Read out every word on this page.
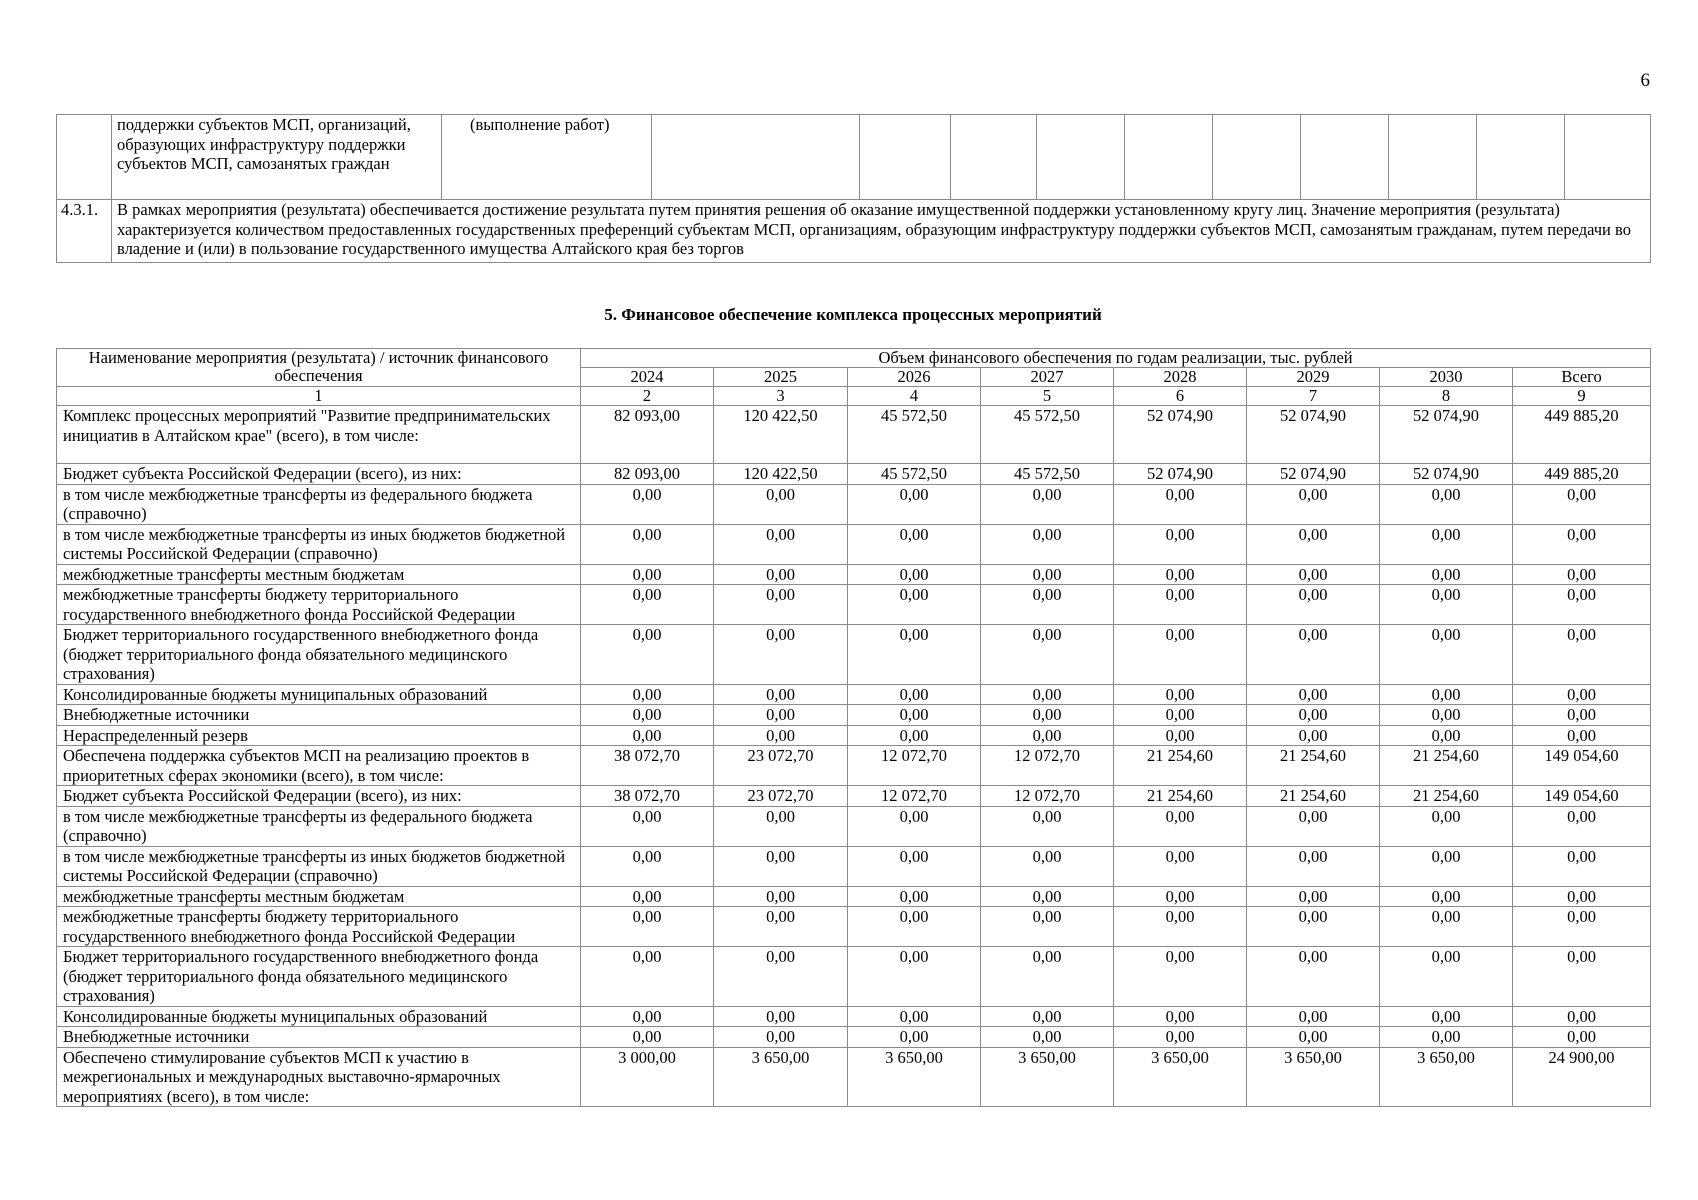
6
	поддержки субъектов МСП, организаций, образующих инфраструктуру поддержки субъектов МСП, самозанятых граждан	(выполнение работ)										
4.3.1.	В рамках мероприятия (результата) обеспечивается достижение результата путем принятия решения об оказание имущественной поддержки установленному кругу лиц. Значение мероприятия (результата) характеризуется количеством предоставленных государственных преференций субъектам МСП, организациям, образующим инфраструктуру поддержки субъектов МСП, самозанятым гражданам, путем передачи во владение и (или) в пользование государственного имущества Алтайского края без торгов											
5. Финансовое обеспечение комплекса процессных мероприятий
Наименование мероприятия (результата) / источник финансового обеспечения	Объем финансового обеспечения по годам реализации, тыс. рублей							
	2024	2025	2026	2027	2028	2029	2030	Всего
1	2	3	4	5	6	7	8	9
Комплекс процессных мероприятий "Развитие предпринимательских инициатив в Алтайском крае" (всего), в том числе:	82 093,00	120 422,50	45 572,50	45 572,50	52 074,90	52 074,90	52 074,90	449 885,20
Бюджет субъекта Российской Федерации (всего), из них:	82 093,00	120 422,50	45 572,50	45 572,50	52 074,90	52 074,90	52 074,90	449 885,20
в том числе межбюджетные трансферты из федерального бюджета (справочно)	0,00	0,00	0,00	0,00	0,00	0,00	0,00	0,00
в том числе межбюджетные трансферты из иных бюджетов бюджетной системы Российской Федерации (справочно)	0,00	0,00	0,00	0,00	0,00	0,00	0,00	0,00
межбюджетные трансферты местным бюджетам	0,00	0,00	0,00	0,00	0,00	0,00	0,00	0,00
межбюджетные трансферты бюджету территориального государственного внебюджетного фонда Российской Федерации	0,00	0,00	0,00	0,00	0,00	0,00	0,00	0,00
Бюджет территориального государственного внебюджетного фонда (бюджет территориального фонда обязательного медицинского страхования)	0,00	0,00	0,00	0,00	0,00	0,00	0,00	0,00
Консолидированные бюджеты муниципальных образований	0,00	0,00	0,00	0,00	0,00	0,00	0,00	0,00
Внебюджетные источники	0,00	0,00	0,00	0,00	0,00	0,00	0,00	0,00
Нераспределенный резерв	0,00	0,00	0,00	0,00	0,00	0,00	0,00	0,00
Обеспечена поддержка субъектов МСП на реализацию проектов в приоритетных сферах экономики (всего), в том числе:	38 072,70	23 072,70	12 072,70	12 072,70	21 254,60	21 254,60	21 254,60	149 054,60
Бюджет субъекта Российской Федерации (всего), из них:	38 072,70	23 072,70	12 072,70	12 072,70	21 254,60	21 254,60	21 254,60	149 054,60
в том числе межбюджетные трансферты из федерального бюджета (справочно)	0,00	0,00	0,00	0,00	0,00	0,00	0,00	0,00
в том числе межбюджетные трансферты из иных бюджетов бюджетной системы Российской Федерации (справочно)	0,00	0,00	0,00	0,00	0,00	0,00	0,00	0,00
межбюджетные трансферты местным бюджетам	0,00	0,00	0,00	0,00	0,00	0,00	0,00	0,00
межбюджетные трансферты бюджету территориального государственного внебюджетного фонда Российской Федерации	0,00	0,00	0,00	0,00	0,00	0,00	0,00	0,00
Бюджет территориального государственного внебюджетного фонда (бюджет территориального фонда обязательного медицинского страхования)	0,00	0,00	0,00	0,00	0,00	0,00	0,00	0,00
Консолидированные бюджеты муниципальных образований	0,00	0,00	0,00	0,00	0,00	0,00	0,00	0,00
Внебюджетные источники	0,00	0,00	0,00	0,00	0,00	0,00	0,00	0,00
Обеспечено стимулирование субъектов МСП к участию в межрегиональных и международных выставочно-ярмарочных мероприятиях (всего), в том числе:	3 000,00	3 650,00	3 650,00	3 650,00	3 650,00	3 650,00	3 650,00	24 900,00
